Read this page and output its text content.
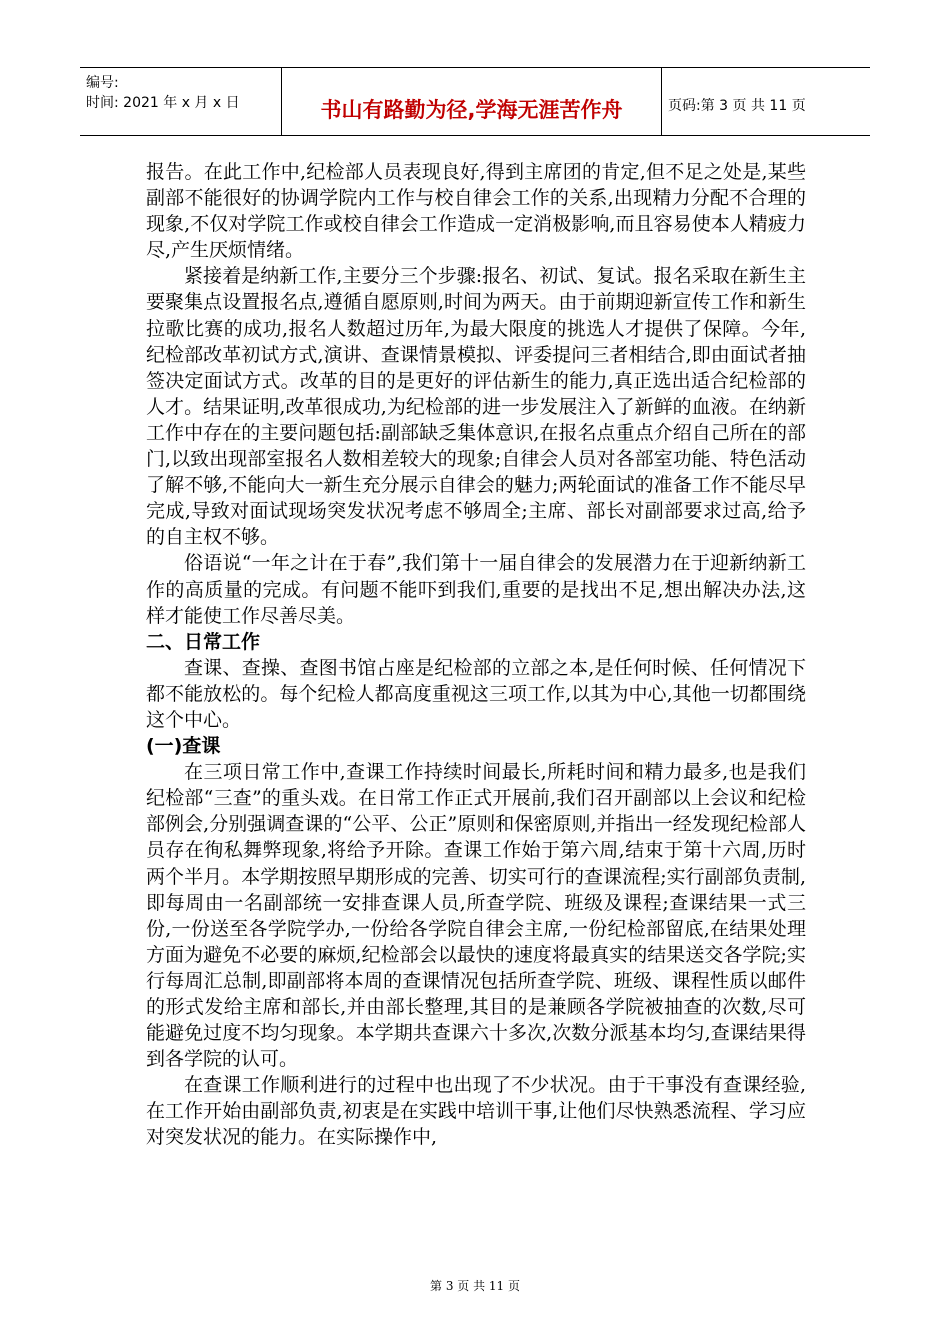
编号:
时间: 2021 年 x 月 x 日	书山有路勤为径,学海无涯苦作舟	页码:第 3 页 共 11 页

报告。在此工作中,纪检部人员表现良好,得到主席团的肯定,但不足之处是,某些副部不能很好的协调学院内工作与校自律会工作的关系,出现精力分配不合理的现象,不仅对学院工作或校自律会工作造成一定消极影响,而且容易使本人精疲力尽,产生厌烦情绪。

紧接着是纳新工作,主要分三个步骤:报名、初试、复试。报名采取在新生主要聚集点设置报名点,遵循自愿原则,时间为两天。由于前期迎新宣传工作和新生拉歌比赛的成功,报名人数超过历年,为最大限度的挑选人才提供了保障。今年,纪检部改革初试方式,演讲、查课情景模拟、评委提问三者相结合,即由面试者抽签决定面试方式。改革的目的是更好的评估新生的能力,真正选出适合纪检部的人才。结果证明,改革很成功,为纪检部的进一步发展注入了新鲜的血液。在纳新工作中存在的主要问题包括:副部缺乏集体意识,在报名点重点介绍自己所在的部门,以致出现部室报名人数相差较大的现象;自律会人员对各部室功能、特色活动了解不够,不能向大一新生充分展示自律会的魅力;两轮面试的准备工作不能尽早完成,导致对面试现场突发状况考虑不够周全;主席、部长对副部要求过高,给予的自主权不够。

俗语说“一年之计在于春”,我们第十一届自律会的发展潜力在于迎新纳新工作的高质量的完成。有问题不能吓到我们,重要的是找出不足,想出解决办法,这样才能使工作尽善尽美。

二、日常工作

查课、查操、查图书馆占座是纪检部的立部之本,是任何时候、任何情况下都不能放松的。每个纪检人都高度重视这三项工作,以其为中心,其他一切都围绕这个中心。

(一)查课

在三项日常工作中,查课工作持续时间最长,所耗时间和精力最多,也是我们纪检部“三查”的重头戏。在日常工作正式开展前,我们召开副部以上会议和纪检部例会,分别强调查课的“公平、公正”原则和保密原则,并指出一经发现纪检部人员存在徇私舞弊现象,将给予开除。查课工作始于第六周,结束于第十六周,历时两个半月。本学期按照早期形成的完善、切实可行的查课流程;实行副部负责制,即每周由一名副部统一安排查课人员,所查学院、班级及课程;查课结果一式三份,一份送至各学院学办,一份给各学院自律会主席,一份纪检部留底,在结果处理方面为避免不必要的麻烦,纪检部会以最快的速度将最真实的结果送交各学院;实行每周汇总制,即副部将本周的查课情况包括所查学院、班级、课程性质以邮件的形式发给主席和部长,并由部长整理,其目的是兼顾各学院被抽查的次数,尽可能避免过度不均匀现象。本学期共查课六十多次,次数分派基本均匀,查课结果得到各学院的认可。

在查课工作顺利进行的过程中也出现了不少状况。由于干事没有查课经验,在工作开始由副部负责,初衷是在实践中培训干事,让他们尽快熟悉流程、学习应对突发状况的能力。在实际操作中,

第 3 页 共 11 页
